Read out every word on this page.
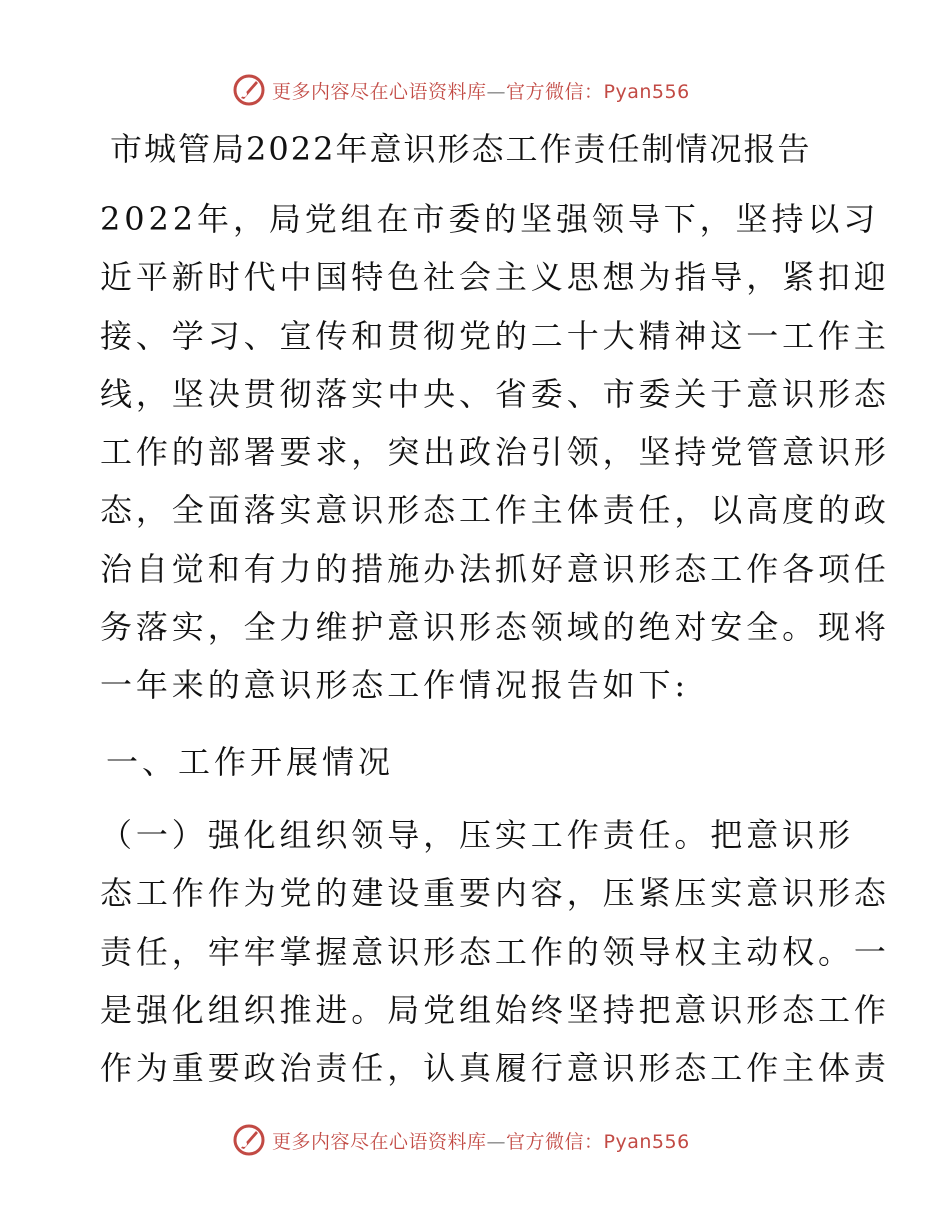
更多内容尽在心语资料库—官方微信：Pyan556
市城管局2022年意识形态工作责任制情况报告
2022年，局党组在市委的坚强领导下，坚持以习
近平新时代中国特色社会主义思想为指导，紧扣迎
接、学习、宣传和贯彻党的二十大精神这一工作主
线，坚决贯彻落实中央、省委、市委关于意识形态
工作的部署要求，突出政治引领，坚持党管意识形
态，全面落实意识形态工作主体责任，以高度的政
治自觉和有力的措施办法抓好意识形态工作各项任
务落实，全力维护意识形态领域的绝对安全。现将
一年来的意识形态工作情况报告如下:
一、工作开展情况
（一）强化组织领导，压实工作责任。把意识形
态工作作为党的建设重要内容，压紧压实意识形态
责任，牢牢掌握意识形态工作的领导权主动权。一
是强化组织推进。局党组始终坚持把意识形态工作
作为重要政治责任，认真履行意识形态工作主体责
更多内容尽在心语资料库—官方微信：Pyan556
